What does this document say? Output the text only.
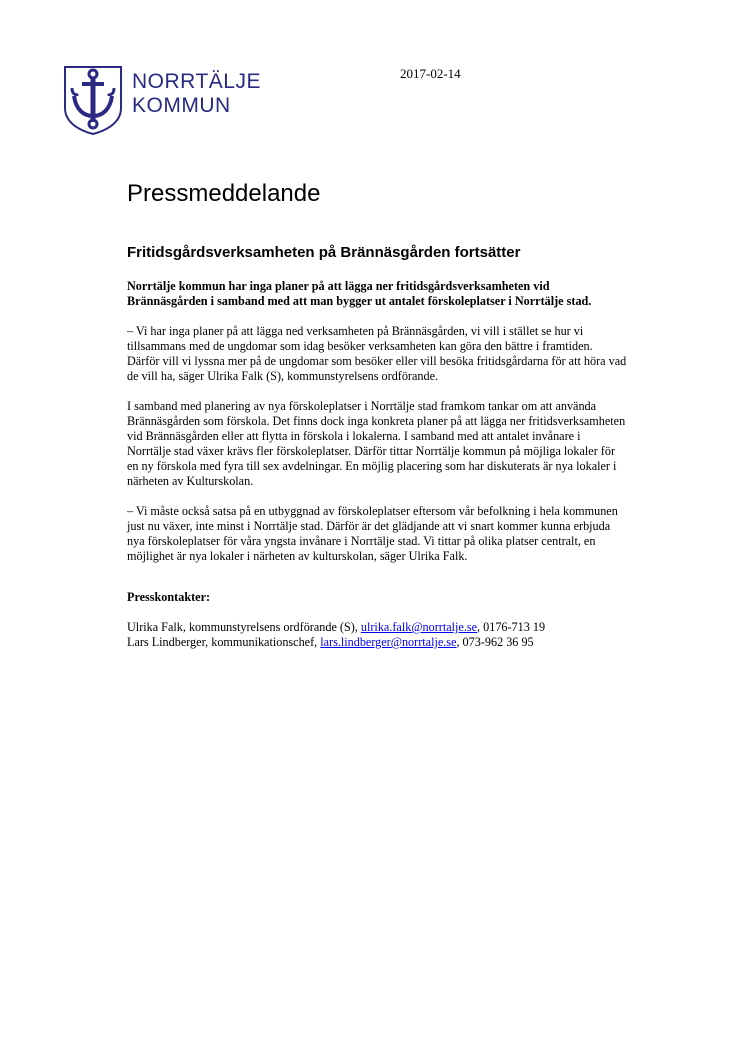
NORRTÄLJE
KOMMUN
2017-02-14
Pressmeddelande
Fritidsgårdsverksamheten på Brännäsgården fortsätter

Norrtälje kommun har inga planer på att lägga ner fritidsgårdsverksamheten vid Brännäsgården i samband med att man bygger ut antalet förskoleplatser i Norrtälje stad.

– Vi har inga planer på att lägga ned verksamheten på Brännäsgården, vi vill i stället se hur vi tillsammans med de ungdomar som idag besöker verksamheten kan göra den bättre i framtiden. Därför vill vi lyssna mer på de ungdomar som besöker eller vill besöka fritidsgårdarna för att höra vad de vill ha, säger Ulrika Falk (S), kommunstyrelsens ordförande.

I samband med planering av nya förskoleplatser i Norrtälje stad framkom tankar om att använda Brännäsgården som förskola. Det finns dock inga konkreta planer på att lägga ner fritidsverksamheten vid Brännäsgården eller att flytta in förskola i lokalerna. I samband med att antalet invånare i Norrtälje stad växer krävs fler förskoleplatser. Därför tittar Norrtälje kommun på möjliga lokaler för en ny förskola med fyra till sex avdelningar. En möjlig placering som har diskuterats är nya lokaler i närheten av Kulturskolan.

– Vi måste också satsa på en utbyggnad av förskoleplatser eftersom vår befolkning i hela kommunen just nu växer, inte minst i Norrtälje stad. Därför är det glädjande att vi snart kommer kunna erbjuda nya förskoleplatser för våra yngsta invånare i Norrtälje stad. Vi tittar på olika platser centralt, en möjlighet är nya lokaler i närheten av kulturskolan, säger Ulrika Falk.

Presskontakter:

Ulrika Falk, kommunstyrelsens ordförande (S), ulrika.falk@norrtalje.se, 0176-713 19

Lars Lindberger, kommunikationschef, lars.lindberger@norrtalje.se, 073-962 36 95
